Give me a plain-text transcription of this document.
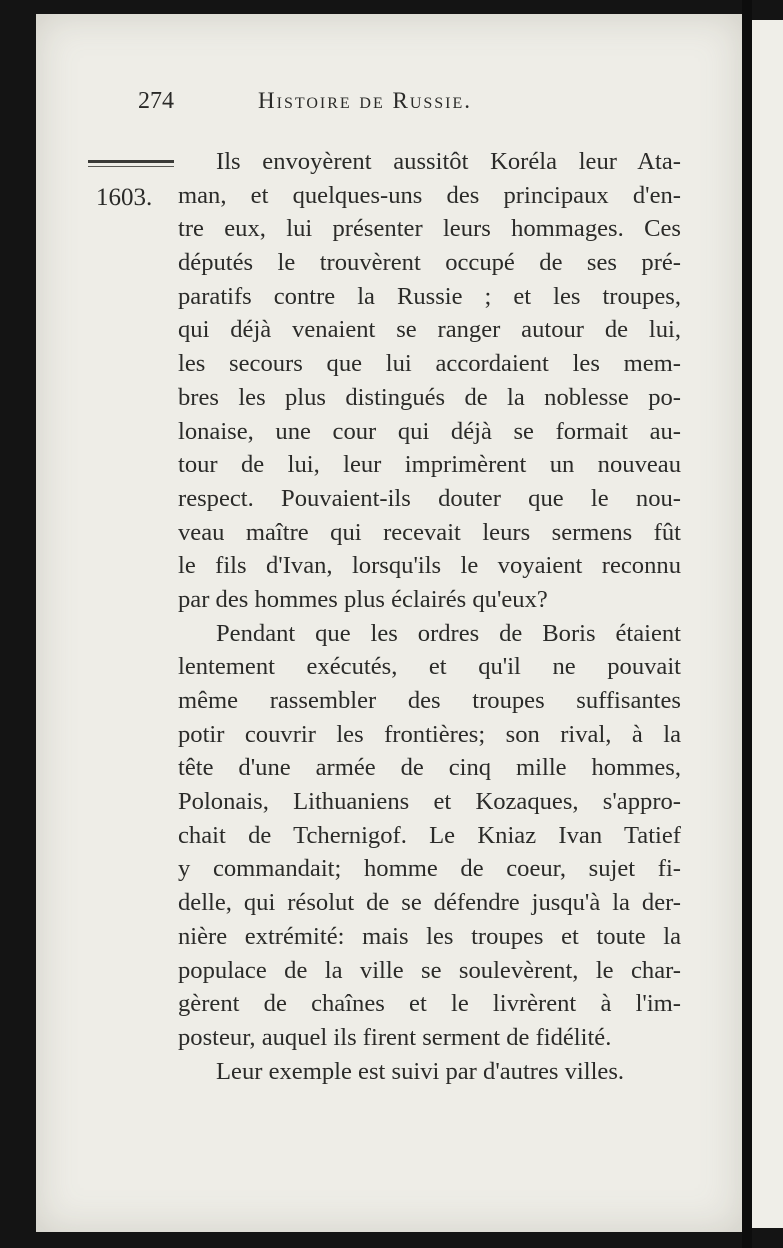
274	Histoire de Russie.
1603.
Ils envoyèrent aussitôt Koréla leur Ata-
man, et quelques-uns des principaux d'en-
tre eux, lui présenter leurs hommages. Ces
députés le trouvèrent occupé de ses pré-
paratifs contre la Russie ; et les troupes,
qui déjà venaient se ranger autour de lui,
les secours que lui accordaient les mem-
bres les plus distingués de la noblesse po-
lonaise, une cour qui déjà se formait au-
tour de lui, leur imprimèrent un nouveau
respect. Pouvaient-ils douter que le nou-
veau maître qui recevait leurs sermens fût
le fils d'Ivan, lorsqu'ils le voyaient reconnu
par des hommes plus éclairés qu'eux?
Pendant que les ordres de Boris étaient
lentement exécutés, et qu'il ne pouvait
même rassembler des troupes suffisantes
potir couvrir les frontières; son rival, à la
tête d'une armée de cinq mille hommes,
Polonais, Lithuaniens et Kozaques, s'appro-
chait de Tchernigof. Le Kniaz Ivan Tatief
y commandait; homme de coeur, sujet fi-
delle, qui résolut de se défendre jusqu'à la der-
nière extrémité: mais les troupes et toute la
populace de la ville se soulevèrent, le char-
gèrent de chaînes et le livrèrent à l'im-
posteur, auquel ils firent serment de fidélité.
Leur exemple est suivi par d'autres villes.
